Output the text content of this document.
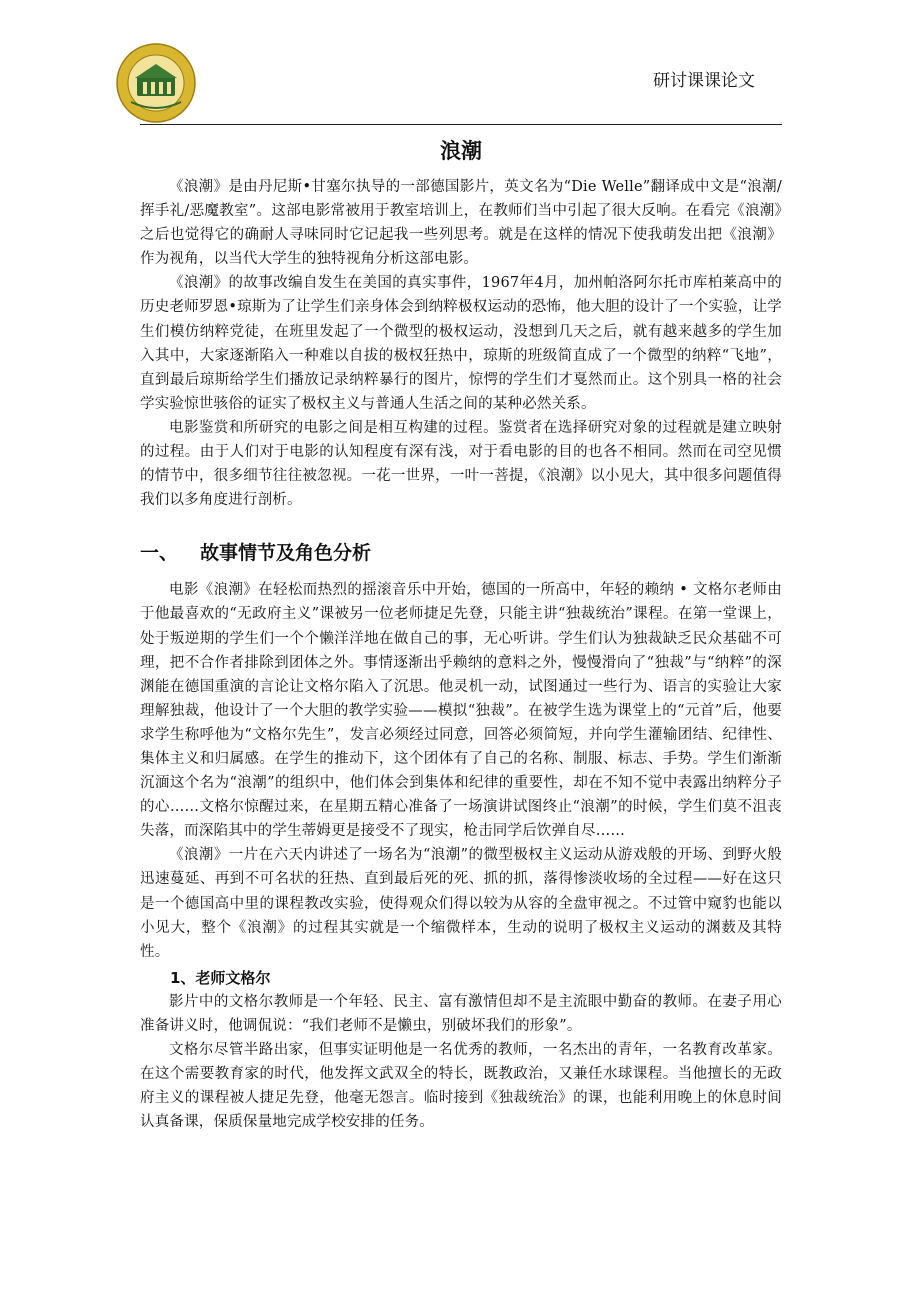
研讨课课论文
浪潮

《浪潮》是由丹尼斯•甘塞尔执导的一部德国影片，英文名为“Die Welle”翻译成中文是“浪潮/挥手礼/恶魔教室”。这部电影常被用于教室培训上，在教师们当中引起了很大反响。在看完《浪潮》之后也觉得它的确耐人寻味同时它记起我一些列思考。就是在这样的情况下使我萌发出把《浪潮》作为视角，以当代大学生的独特视角分析这部电影。

《浪潮》的故事改编自发生在美国的真实事件，1967年4月，加州帕洛阿尔托市库柏莱高中的历史老师罗恩•琼斯为了让学生们亲身体会到纳粹极权运动的恐怖，他大胆的设计了一个实验，让学生们模仿纳粹党徒，在班里发起了一个微型的极权运动，没想到几天之后，就有越来越多的学生加入其中，大家逐渐陷入一种难以自拔的极权狂热中，琼斯的班级简直成了一个微型的纳粹“飞地”，直到最后琼斯给学生们播放记录纳粹暴行的图片，惊愕的学生们才戛然而止。这个别具一格的社会学实验惊世骇俗的证实了极权主义与普通人生活之间的某种必然关系。

电影鉴赏和所研究的电影之间是相互构建的过程。鉴赏者在选择研究对象的过程就是建立映射的过程。由于人们对于电影的认知程度有深有浅，对于看电影的目的也各不相同。然而在司空见惯的情节中，很多细节往往被忽视。一花一世界，一叶一菩提，《浪潮》以小见大，其中很多问题值得我们以多角度进行剖析。

一、 故事情节及角色分析

电影《浪潮》在轻松而热烈的摇滚音乐中开始，德国的一所高中，年轻的赖纳 • 文格尔老师由于他最喜欢的“无政府主义”课被另一位老师捷足先登，只能主讲“独裁统治”课程。在第一堂课上，处于叛逆期的学生们一个个懒洋洋地在做自己的事，无心听讲。学生们认为独裁缺乏民众基础不可理，把不合作者排除到团体之外。事情逐渐出乎赖纳的意料之外，慢慢滑向了“独裁”与“纳粹”的深渊能在德国重演的言论让文格尔陷入了沉思。他灵机一动，试图通过一些行为、语言的实验让大家理解独裁，他设计了一个大胆的教学实验——模拟“独裁”。在被学生选为课堂上的“元首”后，他要求学生称呼他为“文格尔先生”，发言必须经过同意，回答必须简短，并向学生灌输团结、纪律性、集体主义和归属感。在学生的推动下，这个团体有了自己的名称、制服、标志、手势。学生们渐渐沉湎这个名为“浪潮”的组织中，他们体会到集体和纪律的重要性，却在不知不觉中表露出纳粹分子的心……文格尔惊醒过来，在星期五精心准备了一场演讲试图终止“浪潮”的时候，学生们莫不沮丧失落，而深陷其中的学生蒂姆更是接受不了现实，枪击同学后饮弹自尽……

《浪潮》一片在六天内讲述了一场名为“浪潮”的微型极权主义运动从游戏般的开场、到野火般迅速蔓延、再到不可名状的狂热、直到最后死的死、抓的抓，落得惨淡收场的全过程——好在这只是一个德国高中里的课程教改实验，使得观众们得以较为从容的全盘审视之。不过管中窥豹也能以小见大，整个《浪潮》的过程其实就是一个缩微样本，生动的说明了极权主义运动的渊薮及其特性。

1、老师文格尔

影片中的文格尔教师是一个年轻、民主、富有激情但却不是主流眼中勤奋的教师。在妻子用心准备讲义时，他调侃说：“我们老师不是懒虫，别破坏我们的形象”。

文格尔尽管半路出家，但事实证明他是一名优秀的教师，一名杰出的青年，一名教育改革家。 在这个需要教育家的时代，他发挥文武双全的特长，既教政治，又兼任水球课程。当他擅长的无政府主义的课程被人捷足先登，他毫无怨言。临时接到《独裁统治》的课，也能利用晚上的休息时间认真备课，保质保量地完成学校安排的任务。
